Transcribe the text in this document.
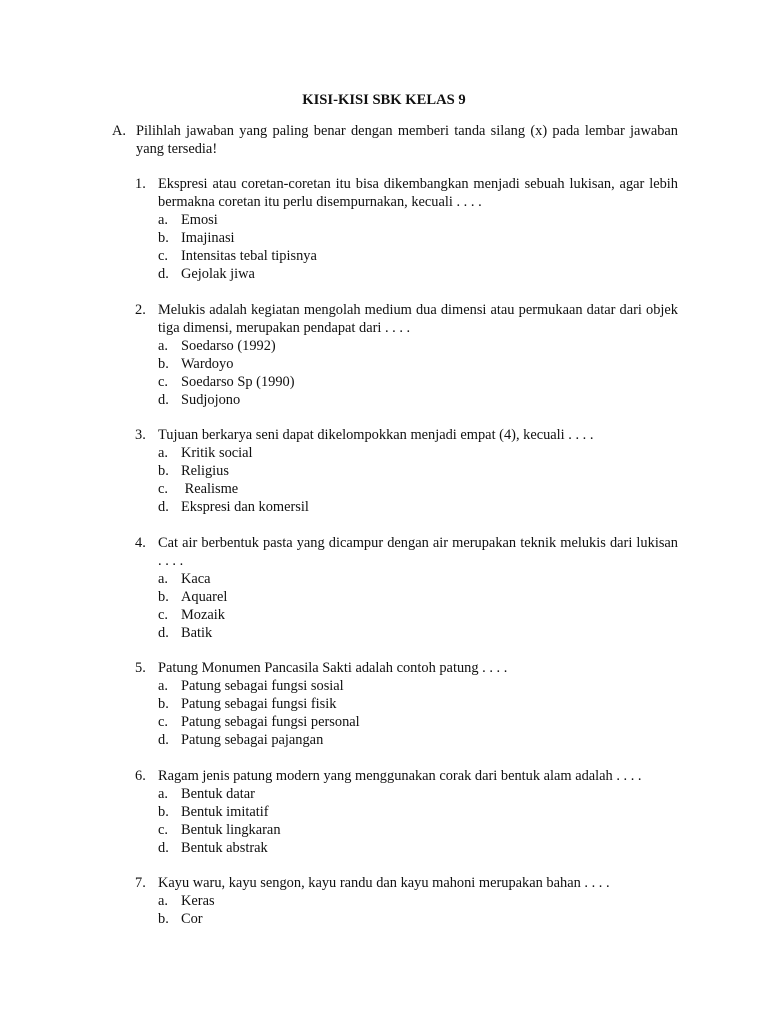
KISI-KISI SBK KELAS 9
A. Pilihlah jawaban yang paling benar dengan memberi tanda silang (x) pada lembar jawaban yang tersedia!
1. Ekspresi atau coretan-coretan itu bisa dikembangkan menjadi sebuah lukisan, agar lebih bermakna coretan itu perlu disempurnakan, kecuali . . . .
a. Emosi
b. Imajinasi
c. Intensitas tebal tipisnya
d. Gejolak jiwa
2. Melukis adalah kegiatan mengolah medium dua dimensi atau permukaan datar dari objek tiga dimensi, merupakan pendapat dari . . . .
a. Soedarso (1992)
b. Wardoyo
c. Soedarso Sp (1990)
d. Sudjojono
3. Tujuan berkarya seni dapat dikelompokkan menjadi empat (4), kecuali . . . .
a. Kritik social
b. Religius
c. Realisme
d. Ekspresi dan komersil
4. Cat air berbentuk pasta yang dicampur dengan air merupakan teknik melukis dari lukisan . . . .
a. Kaca
b. Aquarel
c. Mozaik
d. Batik
5. Patung Monumen Pancasila Sakti adalah contoh patung . . . .
a. Patung sebagai fungsi sosial
b. Patung sebagai fungsi fisik
c. Patung sebagai fungsi personal
d. Patung sebagai pajangan
6. Ragam jenis patung modern yang menggunakan corak dari bentuk alam adalah . . . .
a. Bentuk datar
b. Bentuk imitatif
c. Bentuk lingkaran
d. Bentuk abstrak
7. Kayu waru, kayu sengon, kayu randu dan kayu mahoni merupakan bahan . . . .
a. Keras
b. Cor
